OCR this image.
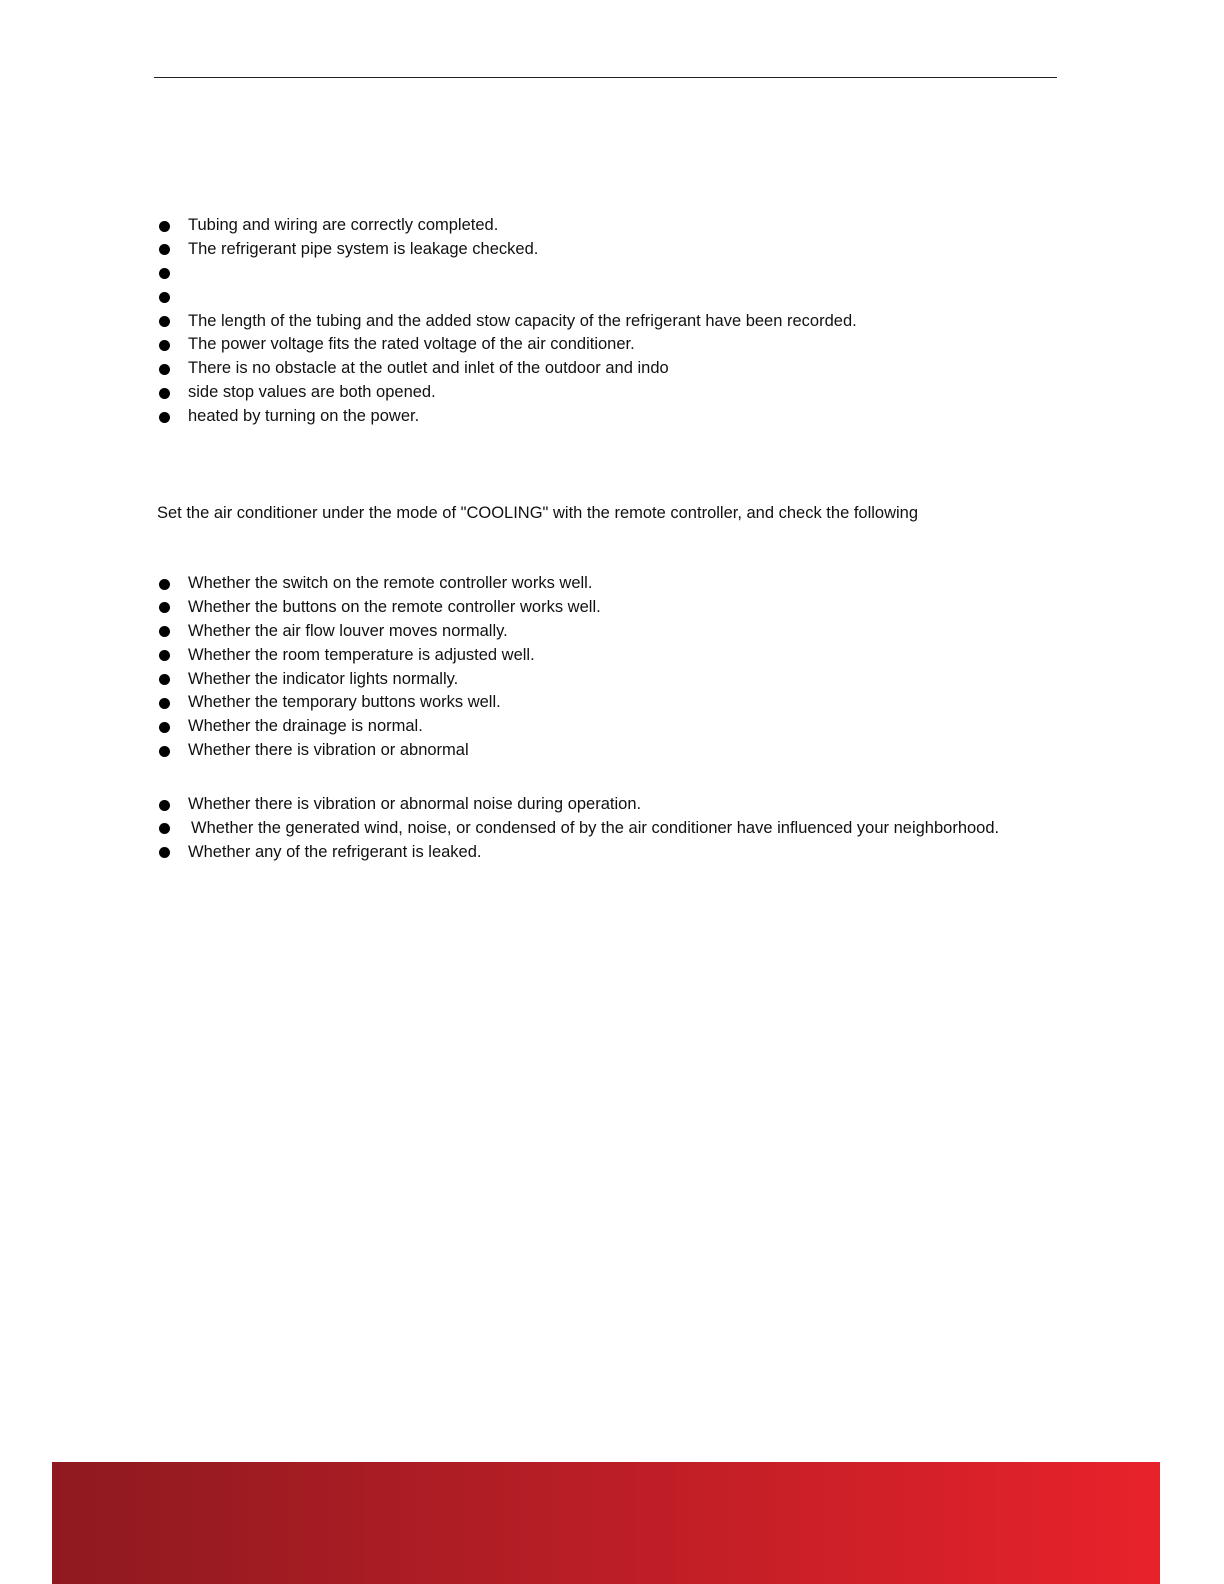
Tubing and wiring are correctly completed.
The refrigerant pipe system is leakage checked.
The length of the tubing and the added stow capacity of the refrigerant have been recorded.
The power voltage fits the rated voltage of the air conditioner.
There is no obstacle at the outlet and inlet of the outdoor and indo
side stop values are both opened.
heated by turning on the power.

Set the air conditioner under the mode of "COOLING" with the remote controller, and check the following

Whether the switch on the remote controller works well.
Whether the buttons on the remote controller works well.
Whether the air flow louver moves normally.
Whether the room temperature is adjusted well.
Whether the indicator lights normally.
Whether the temporary buttons works well.
Whether the drainage is normal.
Whether there is vibration or abnormal
Whether there is vibration or abnormal noise during operation.
Whether the generated wind, noise, or condensed of by the air conditioner have influenced your neighborhood.
Whether any of the refrigerant is leaked.
